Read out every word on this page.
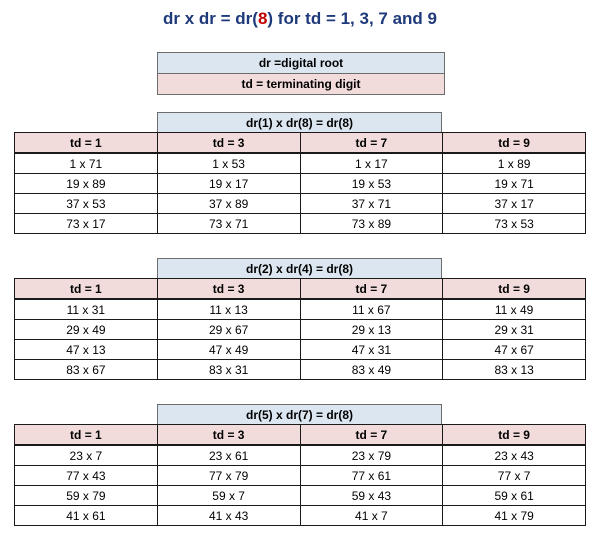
dr x dr = dr(8) for td = 1, 3, 7 and 9
dr =digital root
td = terminating digit
dr(1) x dr(8) = dr(8)
td = 1	td = 3	td = 7	td = 9
1 x 71	1 x 53	1 x 17	1 x 89
19 x 89	19 x 17	19 x 53	19 x 71
37 x 53	37 x 89	37 x 71	37 x 17
73 x 17	73 x 71	73 x 89	73 x 53
dr(2) x dr(4) = dr(8)
td = 1	td = 3	td = 7	td = 9
11 x 31	11 x 13	11 x 67	11 x 49
29 x 49	29 x 67	29 x 13	29 x 31
47 x 13	47 x 49	47 x 31	47 x 67
83 x 67	83 x 31	83 x 49	83 x 13
dr(5) x dr(7) = dr(8)
td = 1	td = 3	td = 7	td = 9
23 x 7	23 x 61	23 x 79	23 x 43
77 x 43	77 x 79	77 x 61	77 x 7
59 x 79	59 x 7	59 x 43	59 x 61
41 x 61	41 x 43	41 x 7	41 x 79
